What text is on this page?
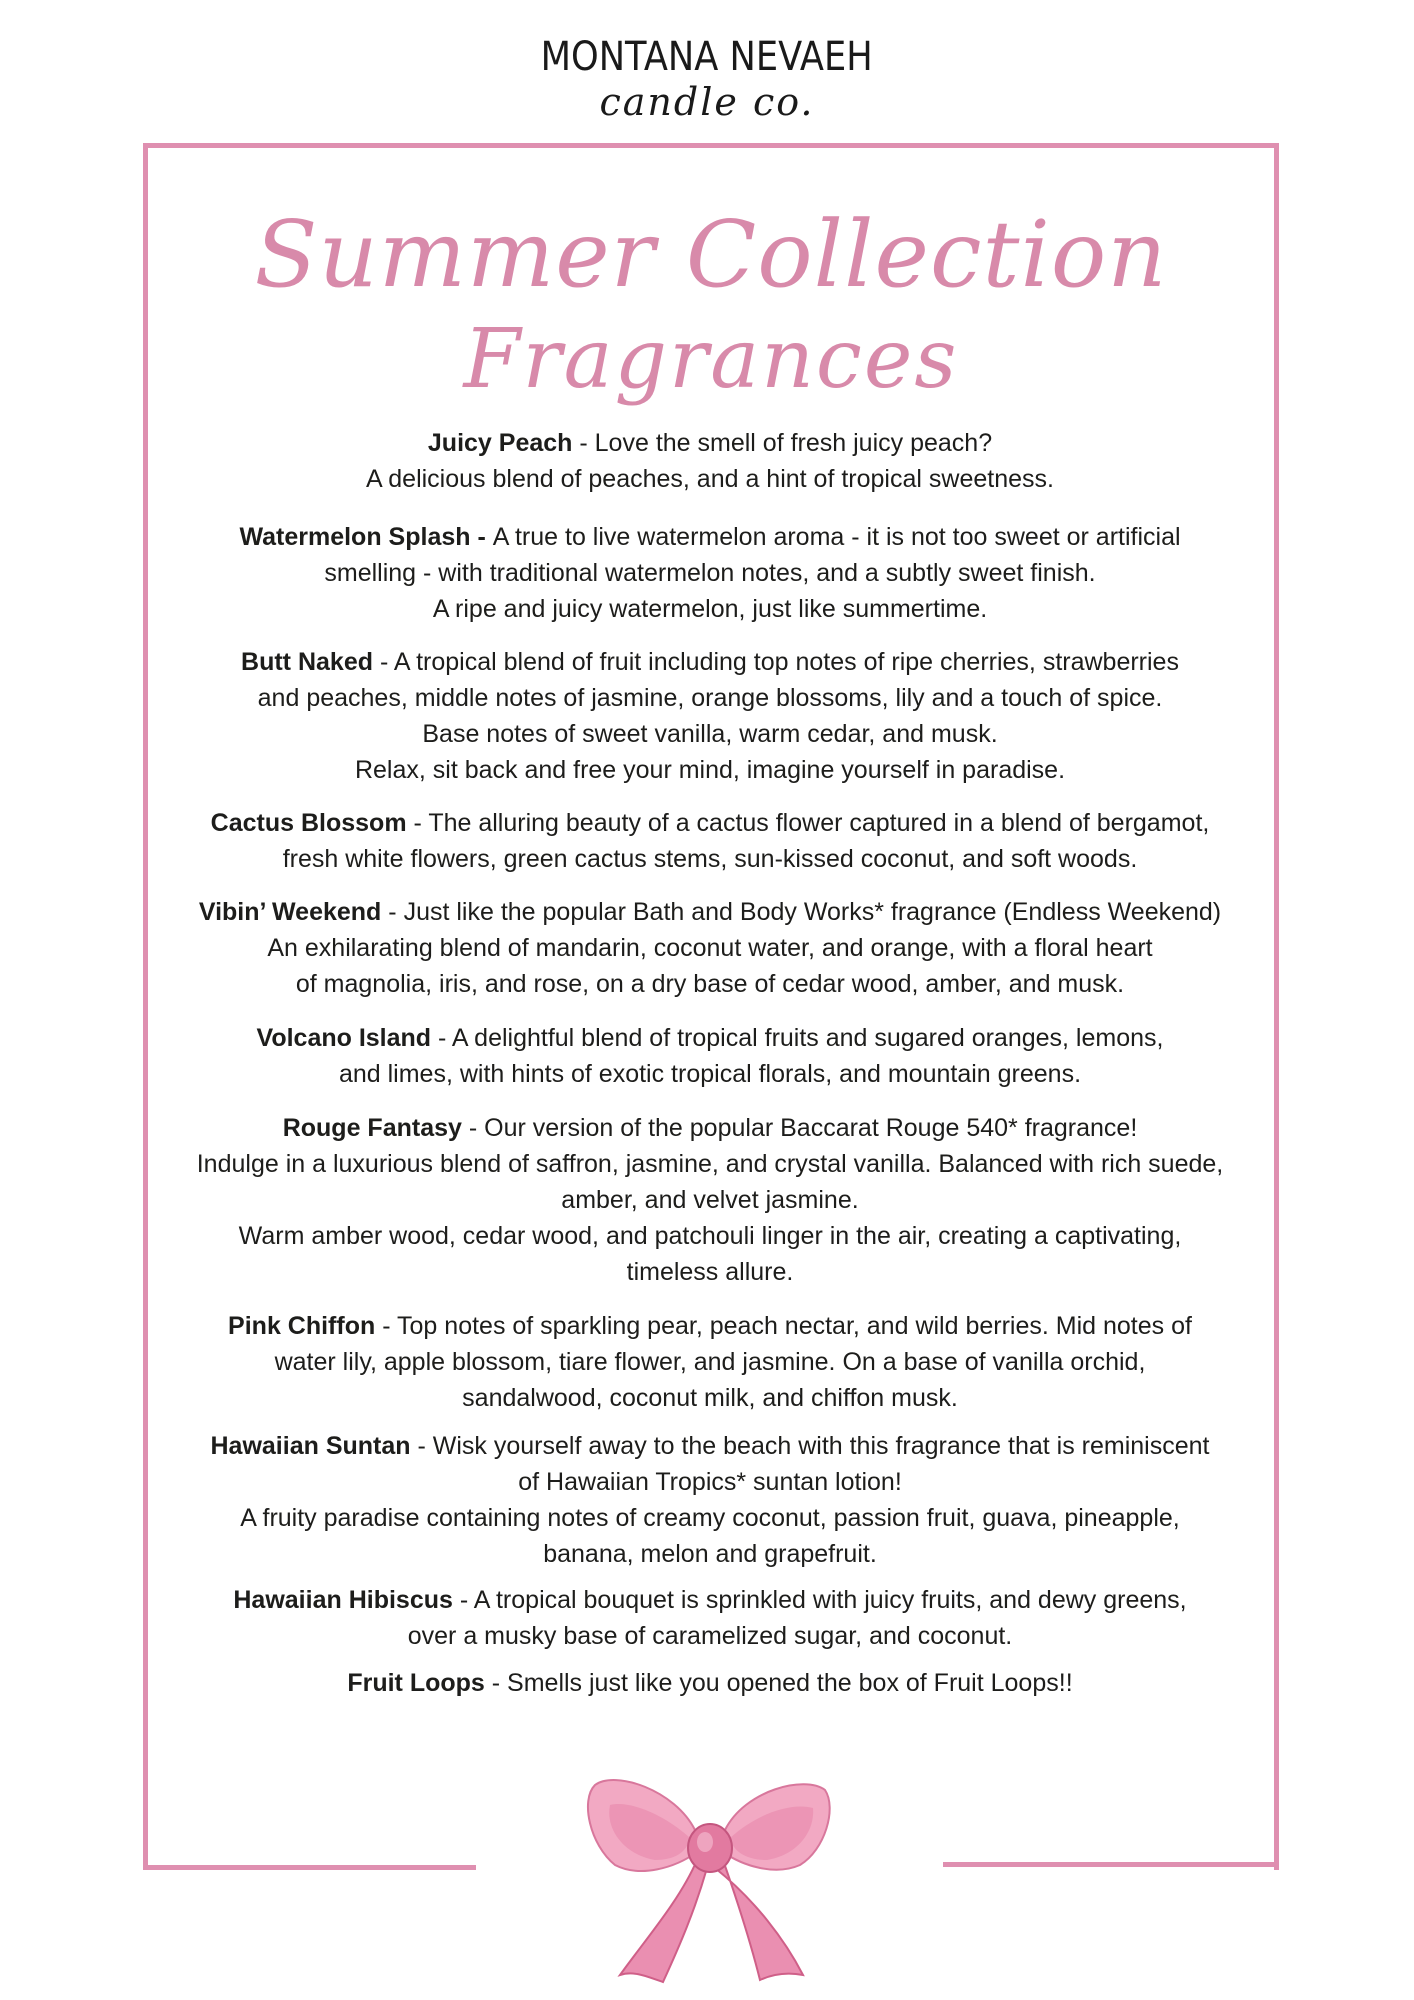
MONTANA NEVAEH
candle co.
Summer Collection
Fragrances

Juicy Peach - Love the smell of fresh juicy peach?
A delicious blend of peaches, and a hint of tropical sweetness.

Watermelon Splash - A true to live watermelon aroma - it is not too sweet or artificial
smelling - with traditional watermelon notes, and a subtly sweet finish.
A ripe and juicy watermelon, just like summertime.

Butt Naked - A tropical blend of fruit including top notes of ripe cherries, strawberries
and peaches, middle notes of jasmine, orange blossoms, lily and a touch of spice.
Base notes of sweet vanilla, warm cedar, and musk.
Relax, sit back and free your mind, imagine yourself in paradise.

Cactus Blossom - The alluring beauty of a cactus flower captured in a blend of bergamot,
fresh white flowers, green cactus stems, sun-kissed coconut, and soft woods.

Vibin’ Weekend - Just like the popular Bath and Body Works* fragrance (Endless Weekend)
An exhilarating blend of mandarin, coconut water, and orange, with a floral heart
of magnolia, iris, and rose, on a dry base of cedar wood, amber, and musk.

Volcano Island - A delightful blend of tropical fruits and sugared oranges, lemons,
and limes, with hints of exotic tropical florals, and mountain greens.

Rouge Fantasy - Our version of the popular Baccarat Rouge 540* fragrance!
Indulge in a luxurious blend of saffron, jasmine, and crystal vanilla. Balanced with rich suede,
amber, and velvet jasmine.
Warm amber wood, cedar wood, and patchouli linger in the air, creating a captivating,
timeless allure.

Pink Chiffon - Top notes of sparkling pear, peach nectar, and wild berries. Mid notes of
water lily, apple blossom, tiare flower, and jasmine. On a base of vanilla orchid,
sandalwood, coconut milk, and chiffon musk.

Hawaiian Suntan - Wisk yourself away to the beach with this fragrance that is reminiscent
of Hawaiian Tropics* suntan lotion!
A fruity paradise containing notes of creamy coconut, passion fruit, guava, pineapple,
banana, melon and grapefruit.

Hawaiian Hibiscus - A tropical bouquet is sprinkled with juicy fruits, and dewy greens,
over a musky base of caramelized sugar, and coconut.

Fruit Loops - Smells just like you opened the box of Fruit Loops!!
